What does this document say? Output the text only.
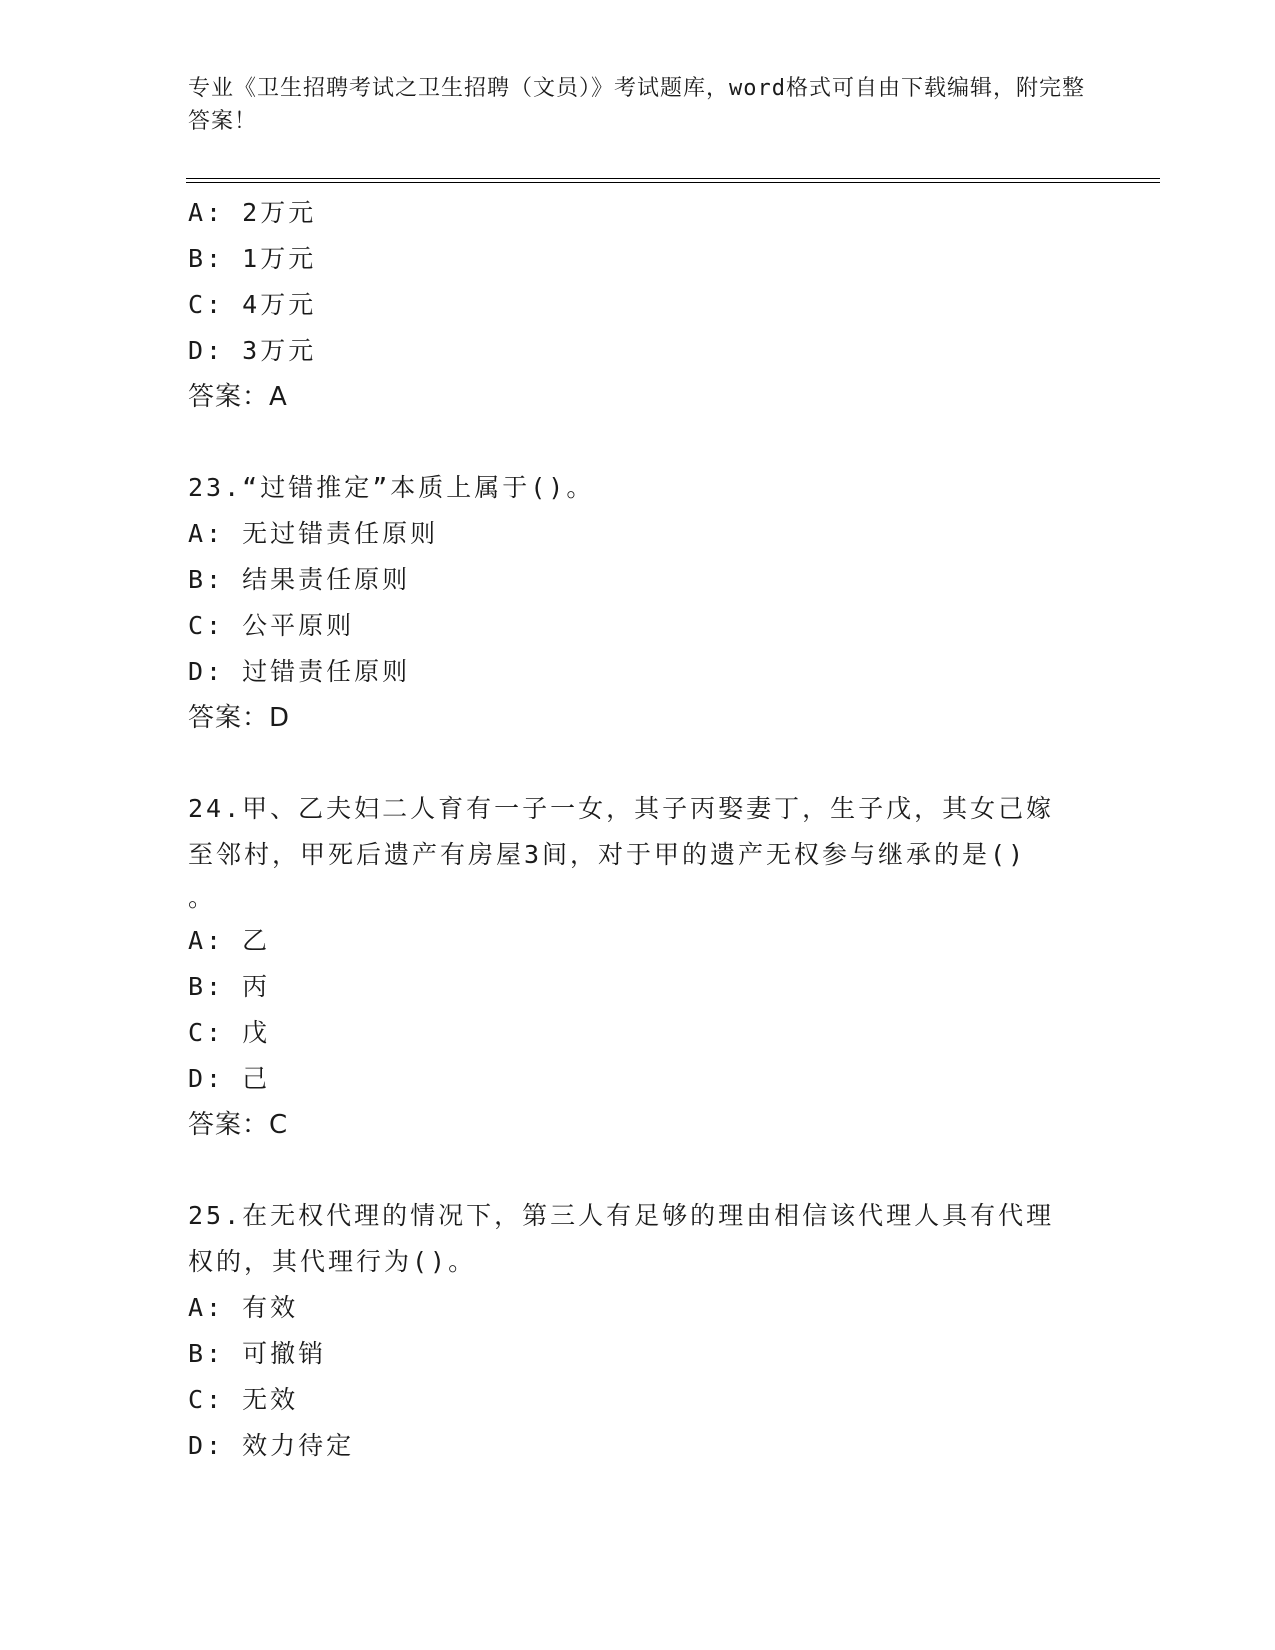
专业《卫生招聘考试之卫生招聘（文员）》考试题库，word格式可自由下载编辑，附完整答案！
A: 2万元
B: 1万元
C: 4万元
D: 3万元
答案：A
23.“过错推定”本质上属于()。
A: 无过错责任原则
B: 结果责任原则
C: 公平原则
D: 过错责任原则
答案：D
24.甲、乙夫妇二人育有一子一女，其子丙娶妻丁，生子戊，其女己嫁
至邻村，甲死后遗产有房屋3间，对于甲的遗产无权参与继承的是()
。
A: 乙
B: 丙
C: 戊
D: 己
答案：C
25.在无权代理的情况下，第三人有足够的理由相信该代理人具有代理
权的，其代理行为()。
A: 有效
B: 可撤销
C: 无效
D: 效力待定
